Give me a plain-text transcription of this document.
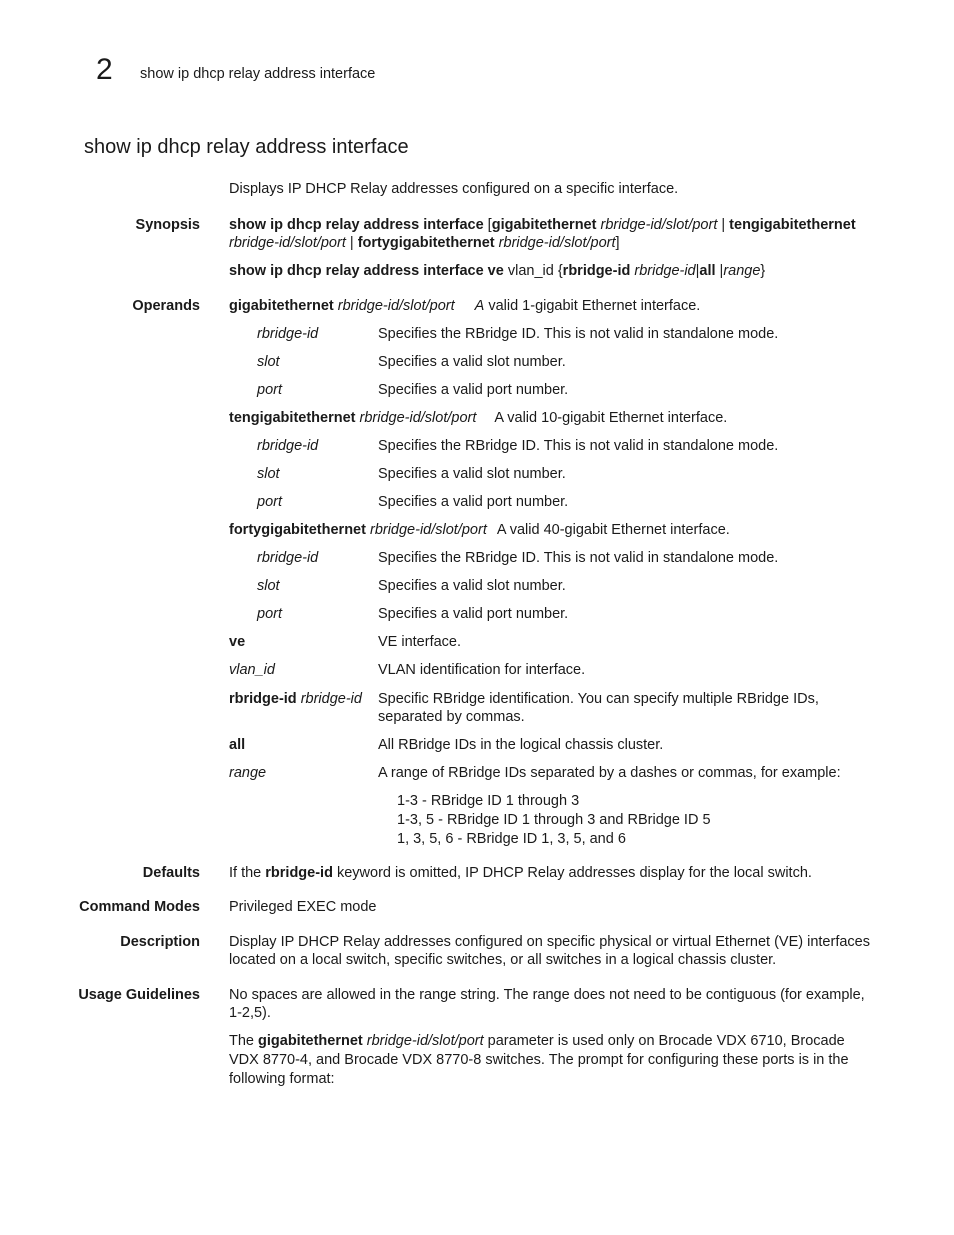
2 show ip dhcp relay address interface
show ip dhcp relay address interface
Displays IP DHCP Relay addresses configured on a specific interface.
Synopsis show ip dhcp relay address interface [gigabitethernet rbridge-id/slot/port | tengigabitethernet
rbridge-id/slot/port | fortygigabitethernet rbridge-id/slot/port]
show ip dhcp relay address interface ve vlan_id {rbridge-id rbridge-id|all |range}
Operands gigabitethernet rbridge-id/slot/port A valid 1-gigabit Ethernet interface.
rbridge-id	Specifies the RBridge ID. This is not valid in standalone mode.
slot	Specifies a valid slot number.
port	Specifies a valid port number.
tengigabitethernet rbridge-id/slot/port A valid 10-gigabit Ethernet interface.
rbridge-id	Specifies the RBridge ID. This is not valid in standalone mode.
slot	Specifies a valid slot number.
port	Specifies a valid port number.
fortygigabitethernet rbridge-id/slot/port A valid 40-gigabit Ethernet interface.
rbridge-id	Specifies the RBridge ID. This is not valid in standalone mode.
slot	Specifies a valid slot number.
port	Specifies a valid port number.
ve	VE interface.
vlan_id	VLAN identification for interface.
rbridge-id rbridge-id Specific RBridge identification. You can specify multiple RBridge IDs,
separated by commas.
all	All RBridge IDs in the logical chassis cluster.
range	A range of RBridge IDs separated by a dashes or commas, for example:
1-3 - RBridge ID 1 through 3
1-3, 5 - RBridge ID 1 through 3 and RBridge ID 5
1, 3, 5, 6 - RBridge ID 1, 3, 5, and 6
Defaults If the rbridge-id keyword is omitted, IP DHCP Relay addresses display for the local switch.
Command Modes Privileged EXEC mode
Description Display IP DHCP Relay addresses configured on specific physical or virtual Ethernet (VE) interfaces
located on a local switch, specific switches, or all switches in a logical chassis cluster.
Usage Guidelines No spaces are allowed in the range string. The range does not need to be contiguous (for example,
1-2,5).
The gigabitethernet rbridge-id/slot/port parameter is used only on Brocade VDX 6710, Brocade
VDX 8770-4, and Brocade VDX 8770-8 switches. The prompt for configuring these ports is in the
following format:
